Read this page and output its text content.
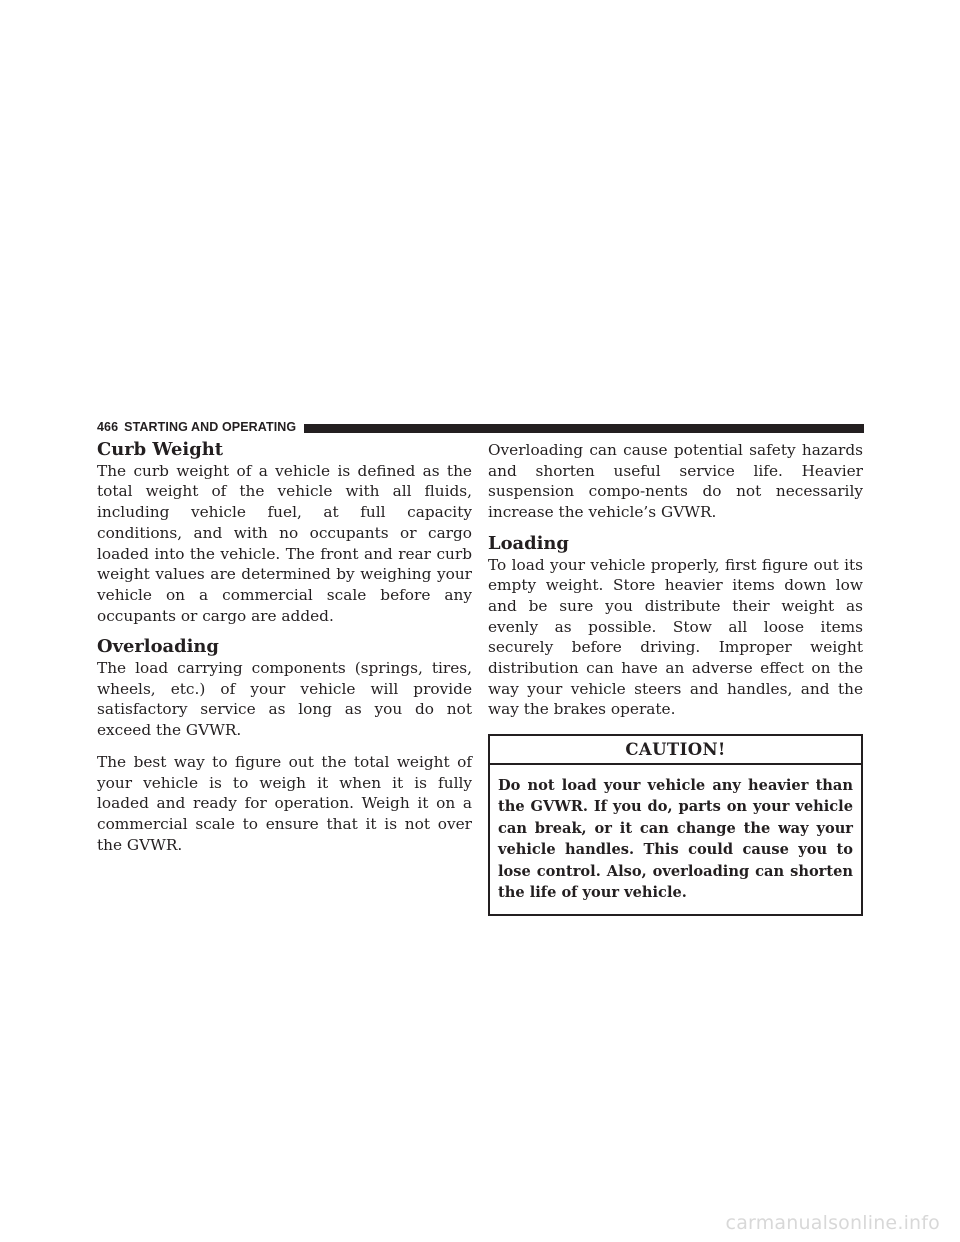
466 STARTING AND OPERATING
Curb Weight

The curb weight of a vehicle is defined as the total weight of the vehicle with all fluids, including vehicle fuel, at full capacity conditions, and with no occupants or cargo loaded into the vehicle. The front and rear curb weight values are determined by weighing your vehicle on a commercial scale before any occupants or cargo are added.

Overloading

The load carrying components (springs, tires, wheels, etc.) of your vehicle will provide satisfactory service as long as you do not exceed the GVWR.

The best way to figure out the total weight of your vehicle is to weigh it when it is fully loaded and ready for operation. Weigh it on a commercial scale to ensure that it is not over the GVWR.

Overloading can cause potential safety hazards and shorten useful service life. Heavier suspension compo-nents do not necessarily increase the vehicle’s GVWR.

Loading

To load your vehicle properly, first figure out its empty weight. Store heavier items down low and be sure you distribute their weight as evenly as possible. Stow all loose items securely before driving. Improper weight distribution can have an adverse effect on the way your vehicle steers and handles, and the way the brakes operate.

CAUTION!
Do not load your vehicle any heavier than the GVWR. If you do, parts on your vehicle can break, or it can change the way your vehicle handles. This could cause you to lose control. Also, overloading can shorten the life of your vehicle.
carmanualsonline.info
